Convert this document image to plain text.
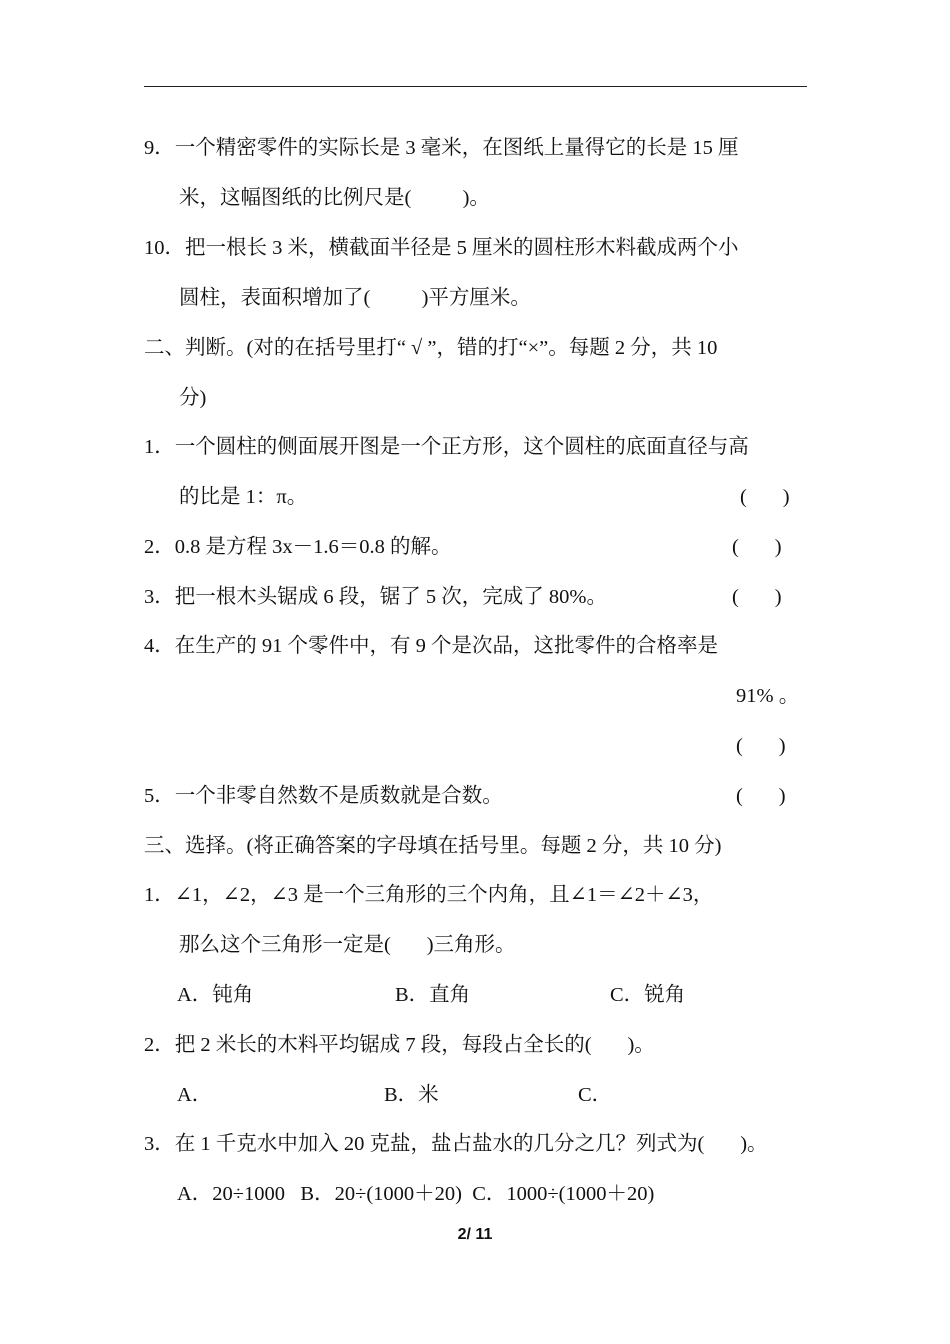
9．一个精密零件的实际长是 3 毫米，在图纸上量得它的长是 15 厘
米，这幅图纸的比例尺是(          )。
10．把一根长 3 米，横截面半径是 5 厘米的圆柱形木料截成两个小
圆柱，表面积增加了(          )平方厘米。
二、判断。(对的在括号里打“ √ ”，错的打“×”。每题 2 分，共 10
分)
1．一个圆柱的侧面展开图是一个正方形，这个圆柱的底面直径与高
的比是 1：π。	(       )
2．0.8 是方程 3x－1.6＝0.8 的解。	(       )
3．把一根木头锯成 6 段，锯了 5 次，完成了 80%。	(       )
4．在生产的 91 个零件中，有 9 个是次品，这批零件的合格率是
91% 。
(       )
5．一个非零自然数不是质数就是合数。	(       )
三、选择。(将正确答案的字母填在括号里。每题 2 分，共 10 分)
1．∠1，∠2，∠3 是一个三角形的三个内角，且∠1＝∠2＋∠3，
那么这个三角形一定是(       )三角形。
A．钝角	B．直角	C．锐角
2．把 2 米长的木料平均锯成 7 段，每段占全长的(       )。
A．	B．米	C．
3．在 1 千克水中加入 20 克盐，盐占盐水的几分之几？列式为(       )。
A．20÷1000   B．20÷(1000＋20)  C．1000÷(1000＋20)
2/ 11
